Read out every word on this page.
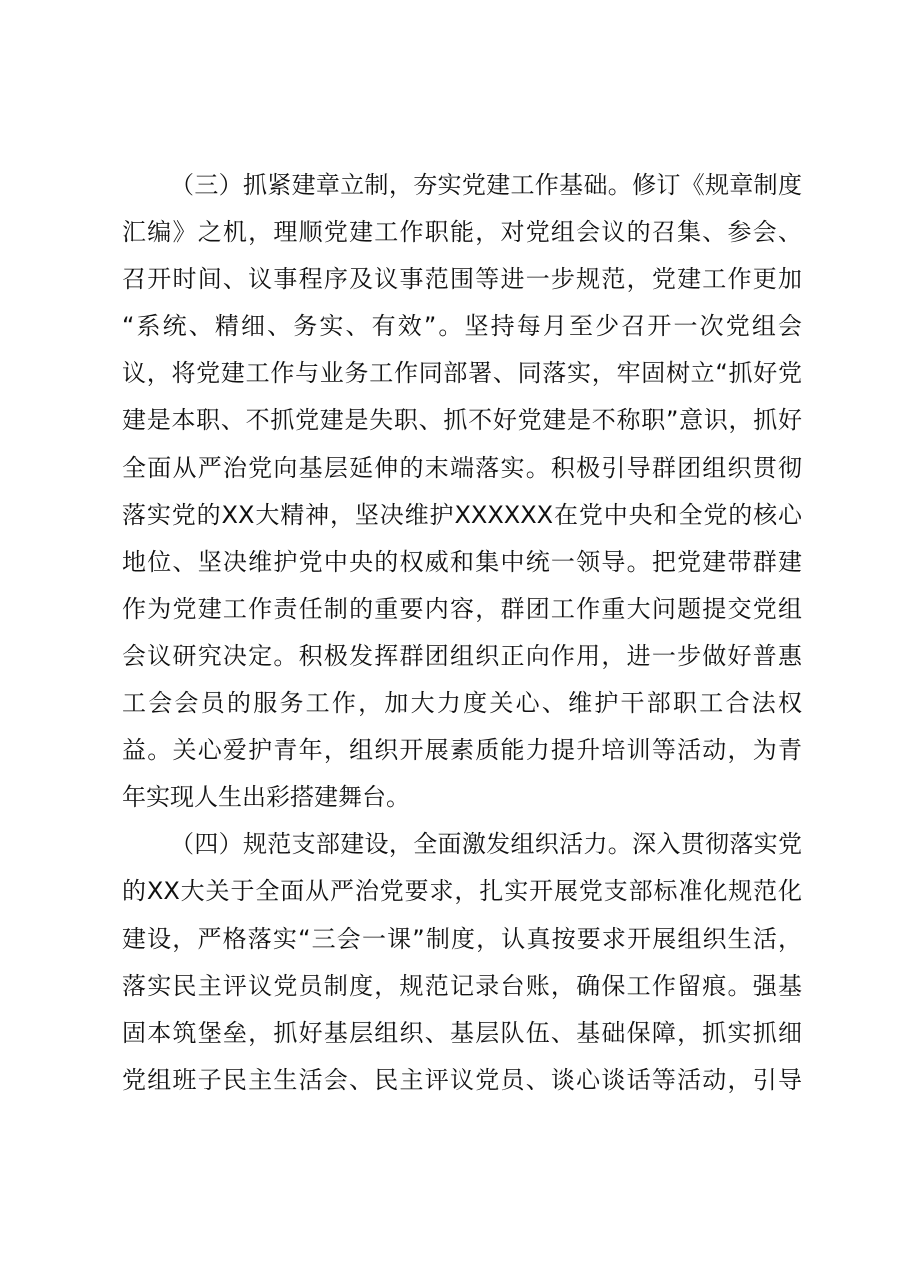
（三）抓紧建章立制，夯实党建工作基础。修订《规章制度
汇编》之机，理顺党建工作职能，对党组会议的召集、参会、
召开时间、议事程序及议事范围等进一步规范，党建工作更加
“系统、精细、务实、有效”。坚持每月至少召开一次党组会
议，将党建工作与业务工作同部署、同落实，牢固树立“抓好党
建是本职、不抓党建是失职、抓不好党建是不称职”意识，抓好
全面从严治党向基层延伸的末端落实。积极引导群团组织贯彻
落实党的XX大精神，坚决维护XXXXXX在党中央和全党的核心
地位、坚决维护党中央的权威和集中统一领导。把党建带群建
作为党建工作责任制的重要内容，群团工作重大问题提交党组
会议研究决定。积极发挥群团组织正向作用，进一步做好普惠
工会会员的服务工作，加大力度关心、维护干部职工合法权
益。关心爱护青年，组织开展素质能力提升培训等活动，为青
年实现人生出彩搭建舞台。
（四）规范支部建设，全面激发组织活力。深入贯彻落实党
的XX大关于全面从严治党要求，扎实开展党支部标准化规范化
建设，严格落实“三会一课”制度，认真按要求开展组织生活，
落实民主评议党员制度，规范记录台账，确保工作留痕。强基
固本筑堡垒，抓好基层组织、基层队伍、基础保障，抓实抓细
党组班子民主生活会、民主评议党员、谈心谈话等活动，引导
